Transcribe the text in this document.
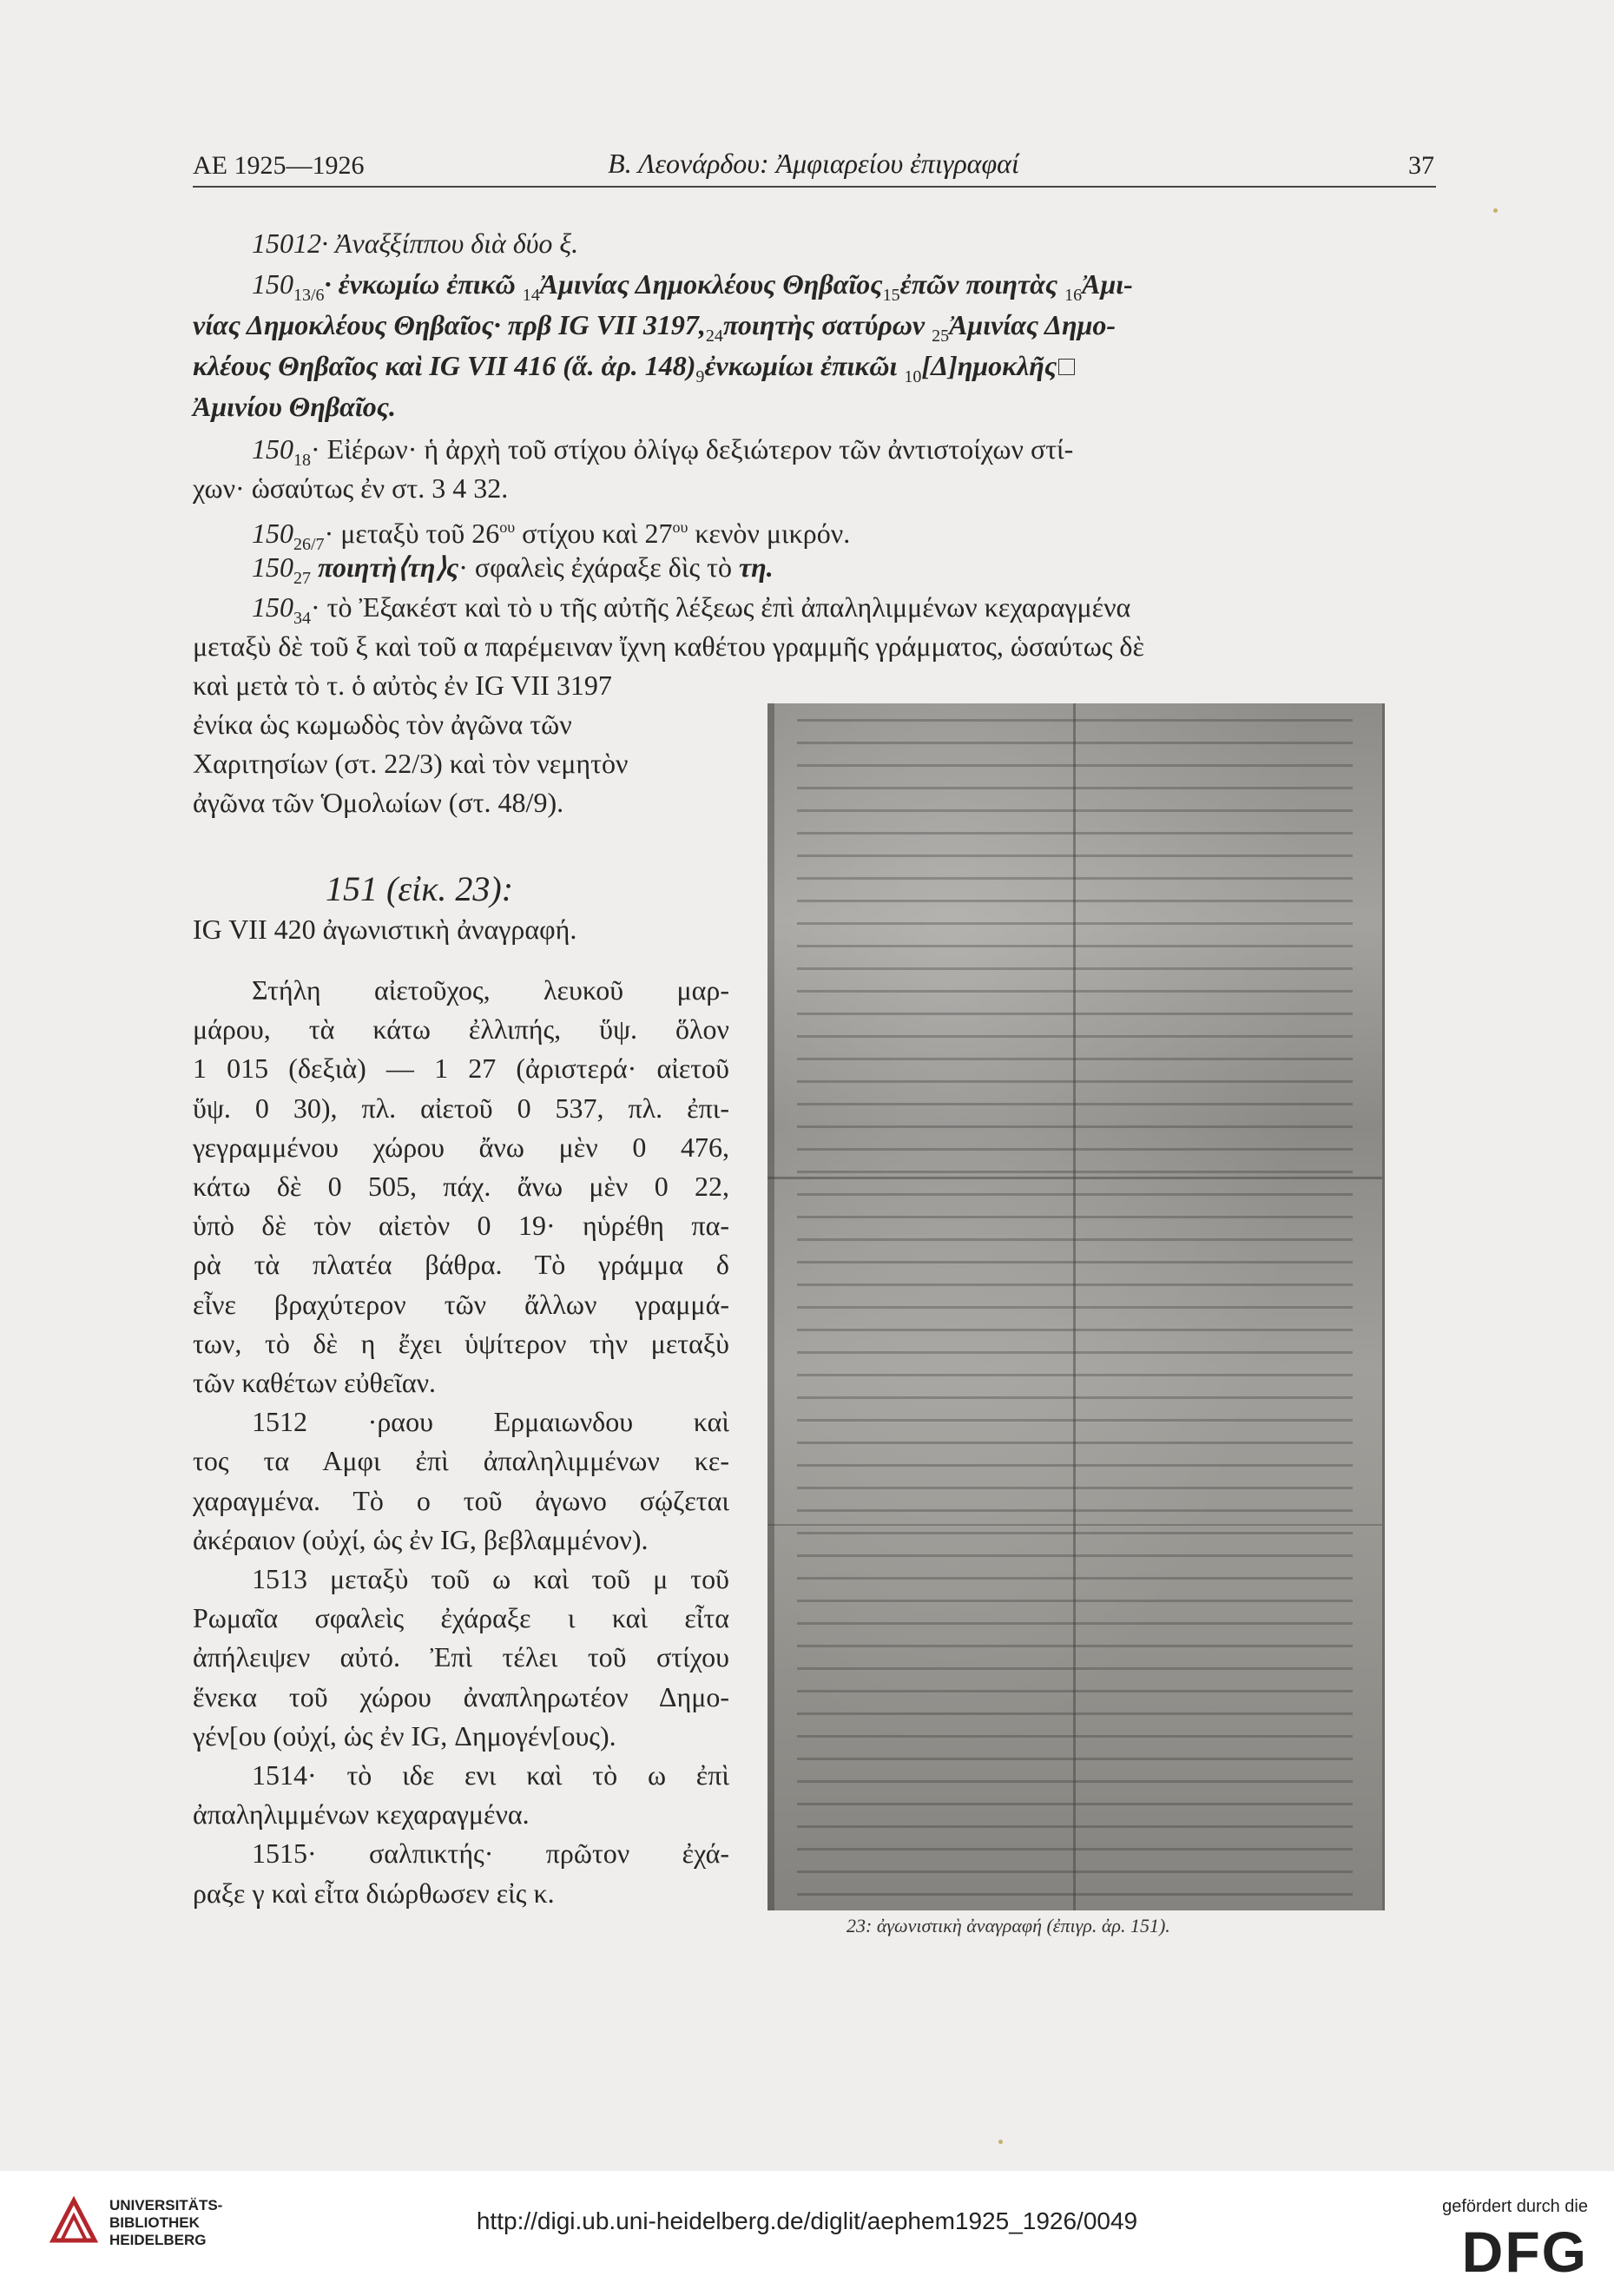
ΑΕ 1925—1926	Β. Λεονάρδου: Ἀμφιαρείου ἐπιγραφαί	37
15012· Ἀναξξίππου διὰ δύο ξ.
$150_{13/6}\cdot$ ἐνκωμίω ἐπικῶ $_{14}$Ἀμινίας Δημοκλέους Θηβαῖος$_{15}$ἐπῶν ποιητὰς $_{16}$Ἀμι-
νίας Δημοκλέους Θηβαῖος· πρβ IG VII $3197,_{24}\pi o\iota\eta\tau ὴ\varsigma$ σατύρων $_{25}$Ἀμινίας Δημο-
κλέους Θηβαῖος καὶ IG VII 416 (ἅ. ἀρ. $148)_9ἐ\nu\kappa\omega\mu ί\omega\iota$ ἐπικῶι $_{10}$[Δ]ημοκλῆς
Ἀμινίου Θηβαῖος.
$150_{18}\cdot$ Εἰέρων· ἡ ἀρχὴ τοῦ στίχου ὀλίγῳ δεξιώτερον τῶν ἀντιστοίχων στί-
χων· ὡσαύτως ἐν στ. 3 4 32.
$150_{26/7}\cdot$ μεταξὺ τοῦ $26^{o\upsilon}$ στίχου καὶ $27^{o\upsilon}$ κενὸν μικρόν.
$150_{27}$ ποιητὴ⟨τη⟩ς· σφαλεὶς ἐχάραξε δὶς τὸ τη.
$150_{34}\cdot$ τὸ Ἐξακέστ καὶ τὸ υ τῆς αὐτῆς λέξεως ἐπὶ ἀπαληλιμμένων κεχαραγμένα
μεταξὺ δὲ τοῦ ξ καὶ τοῦ α παρέμειναν ἴχνη καθέτου γραμμῆς γράμματος, ὡσαύτως δὲ
καὶ μετὰ τὸ τ. ὁ αὐτὸς ἐν IG VII 3197
ἐνίκα ὡς κωμωδὸς τὸν ἀγῶνα τῶν
Χαριτησίων (στ. 22/3) καὶ τὸν νεμητὸν
ἀγῶνα τῶν Ὁμολωίων (στ. 48/9).
151 (εἰκ. 23):
IG VII 420 ἀγωνιστικὴ ἀναγραφή.
Στήλη αἰετοῦχος, λευκοῦ μαρ-
μάρου, τὰ κάτω ἐλλιπής, ὕψ. ὅλον
1 015 (δεξιὰ) — 1 27 (ἀριστερά· αἰετοῦ
ὕψ. 0 30), πλ. αἰετοῦ 0 537, πλ. ἐπι-
γεγραμμένου χώρου ἄνω μὲν 0 476,
κάτω δὲ 0 505, πάχ. ἄνω μὲν 0 22,
ὑπὸ δὲ τὸν αἰετὸν 0 19· ηὑρέθη πα-
ρὰ τὰ πλατέα βάθρα. Τὸ γράμμα δ
εἶνε βραχύτερον τῶν ἄλλων γραμμά-
των, τὸ δὲ η ἔχει ὑψίτερον τὴν μεταξὺ
τῶν καθέτων εὐθεῖαν.
1512 ·ραου Ερμαιωνδου καὶ
τος τα Αμφι ἐπὶ ἀπαληλιμμένων κε-
χαραγμένα. Τὸ ο τοῦ ἀγωνο σῴζεται
ἀκέραιον (οὐχί, ὡς ἐν IG, βεβλαμμένον).
1513 μεταξὺ τοῦ ω καὶ τοῦ μ τοῦ
Ρωμαῖα σφαλεὶς ἐχάραξε ι καὶ εἶτα
ἀπήλειψεν αὐτό. Ἐπὶ τέλει τοῦ στίχου
ἕνεκα τοῦ χώρου ἀναπληρωτέον Δημο-
γέν[ου (οὐχί, ὡς ἐν IG, Δημογέν[ους).
1514· τὸ ιδε ενι καὶ τὸ ω ἐπὶ
ἀπαληλιμμένων κεχαραγμένα.
1515· σαλπικτής· πρῶτον ἐχά-
ραξε γ καὶ εἶτα διώρθωσεν εἰς κ.
23: ἀγωνιστικὴ ἀναγραφή (ἐπιγρ. ἀρ. 151).
UNIVERSITÄTS-
BIBLIOTHEK
HEIDELBERG
http://digi.ub.uni-heidelberg.de/diglit/aephem1925_1926/0049
gefördert durch die
DFG
